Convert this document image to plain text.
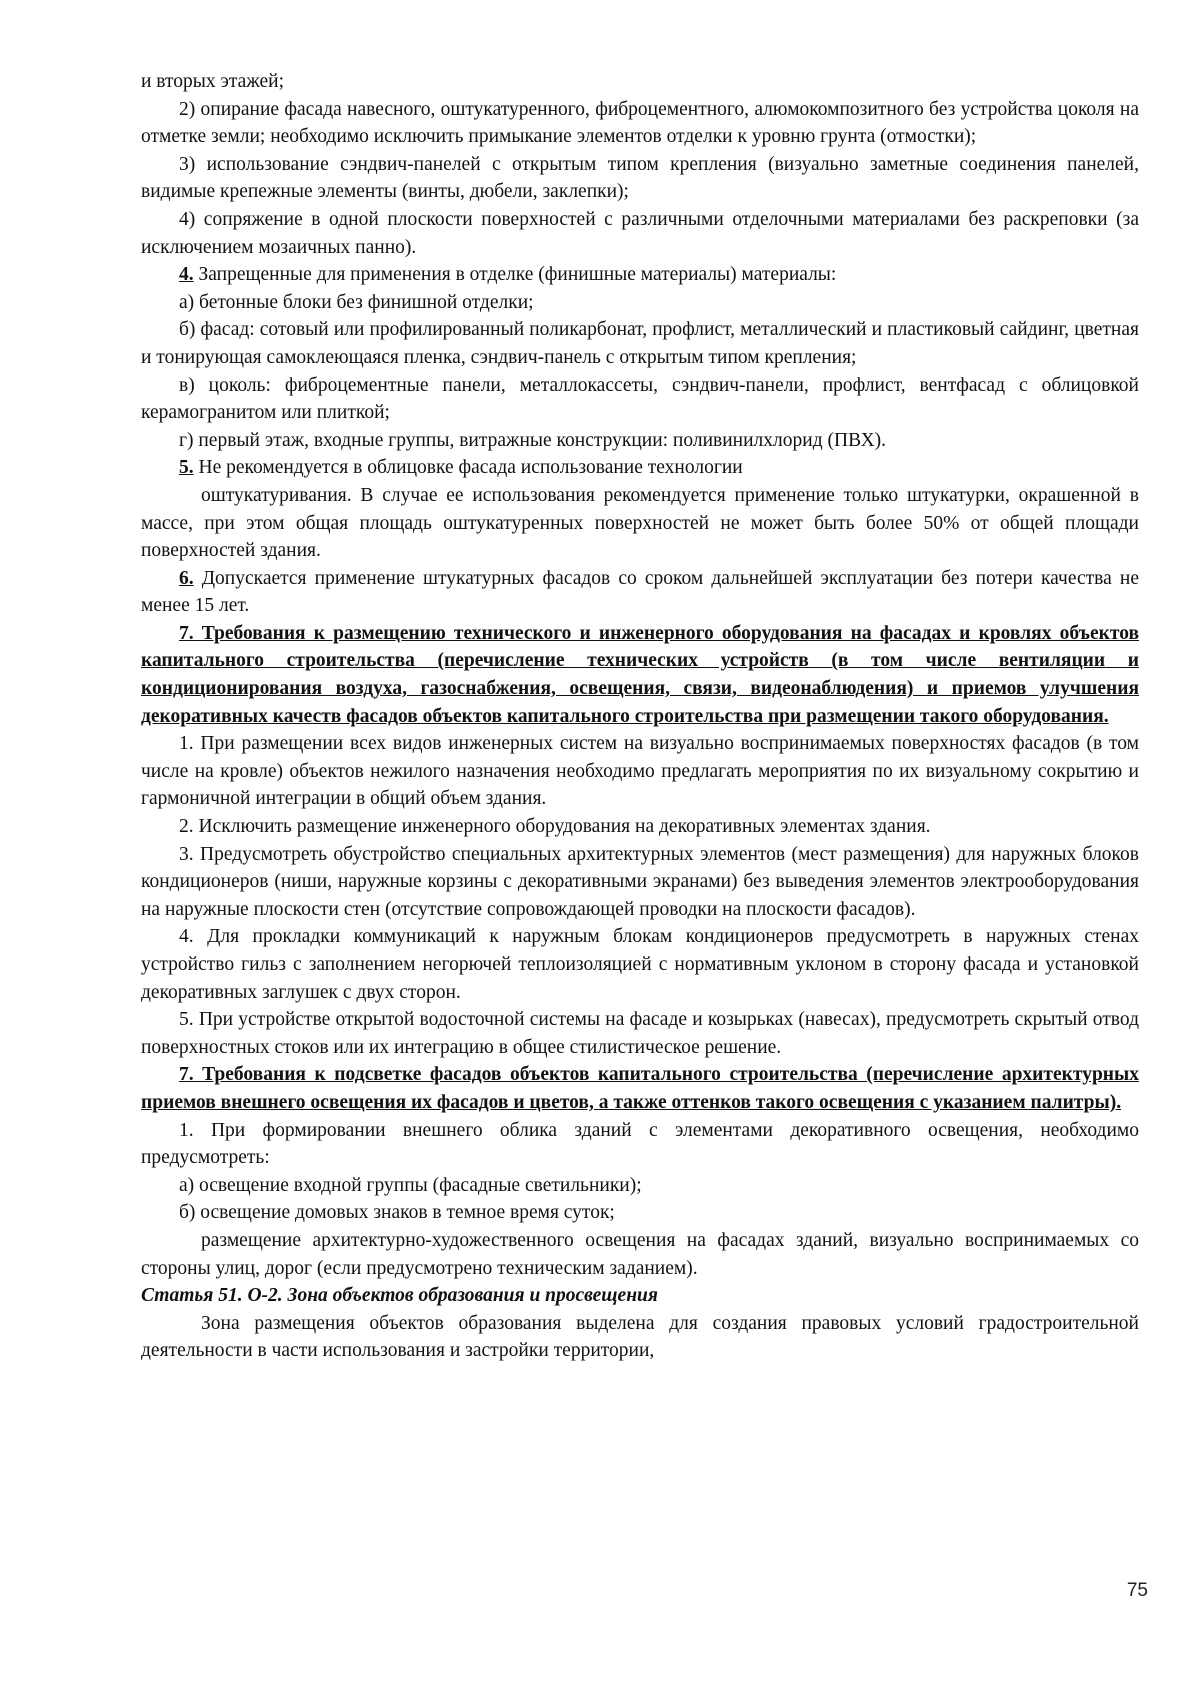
и вторых этажей;

2) опирание фасада навесного, оштукатуренного, фиброцементного, алюмокомпозитного без устройства цоколя на отметке земли; необходимо исключить примыкание элементов отделки к уровню грунта (отмостки);

3) использование сэндвич-панелей с открытым типом крепления (визуально заметные соединения панелей, видимые крепежные элементы (винты, дюбели, заклепки);

4) сопряжение в одной плоскости поверхностей с различными отделочными материалами без раскреповки (за исключением мозаичных панно).

4. Запрещенные для применения в отделке (финишные материалы) материалы:

а) бетонные блоки без финишной отделки;

б) фасад: сотовый или профилированный поликарбонат, профлист, металлический и пластиковый сайдинг, цветная и тонирующая самоклеющаяся пленка, сэндвич-панель с открытым типом крепления;

в) цоколь: фиброцементные панели, металлокассеты, сэндвич-панели, профлист, вентфасад с облицовкой керамогранитом или плиткой;

г) первый этаж, входные группы, витражные конструкции: поливинилхлорид (ПВХ).

5. Не рекомендуется в облицовке фасада использование технологии

оштукатуривания. В случае ее использования рекомендуется применение только штукатурки, окрашенной в массе, при этом общая площадь оштукатуренных поверхностей не может быть более 50% от общей площади поверхностей здания.

6. Допускается применение штукатурных фасадов со сроком дальнейшей эксплуатации без потери качества не менее 15 лет.

7. Требования к размещению технического и инженерного оборудования на фасадах и кровлях объектов капитального строительства (перечисление технических устройств (в том числе вентиляции и кондиционирования воздуха, газоснабжения, освещения, связи, видеонаблюдения) и приемов улучшения декоративных качеств фасадов объектов капитального строительства при размещении такого оборудования.

1. При размещении всех видов инженерных систем на визуально воспринимаемых поверхностях фасадов (в том числе на кровле) объектов нежилого назначения необходимо предлагать мероприятия по их визуальному сокрытию и гармоничной интеграции в общий объем здания.

2. Исключить размещение инженерного оборудования на декоративных элементах здания.

3. Предусмотреть обустройство специальных архитектурных элементов (мест размещения) для наружных блоков кондиционеров (ниши, наружные корзины с декоративными экранами) без выведения элементов электрооборудования на наружные плоскости стен (отсутствие сопровождающей проводки на плоскости фасадов).

4. Для прокладки коммуникаций к наружным блокам кондиционеров предусмотреть в наружных стенах устройство гильз с заполнением негорючей теплоизоляцией с нормативным уклоном в сторону фасада и установкой декоративных заглушек с двух сторон.

5. При устройстве открытой водосточной системы на фасаде и козырьках (навесах), предусмотреть скрытый отвод поверхностных стоков или их интеграцию в общее стилистическое решение.

7. Требования к подсветке фасадов объектов капитального строительства (перечисление архитектурных приемов внешнего освещения их фасадов и цветов, а также оттенков такого освещения с указанием палитры).

1. При формировании внешнего облика зданий с элементами декоративного освещения, необходимо предусмотреть:

а) освещение входной группы (фасадные светильники);

б) освещение домовых знаков в темное время суток;

размещение архитектурно-художественного освещения на фасадах зданий, визуально воспринимаемых со стороны улиц, дорог (если предусмотрено техническим заданием).

Статья 51. О-2. Зона объектов образования и просвещения

Зона размещения объектов образования выделена для создания правовых условий градостроительной деятельности в части использования и застройки территории,

75
